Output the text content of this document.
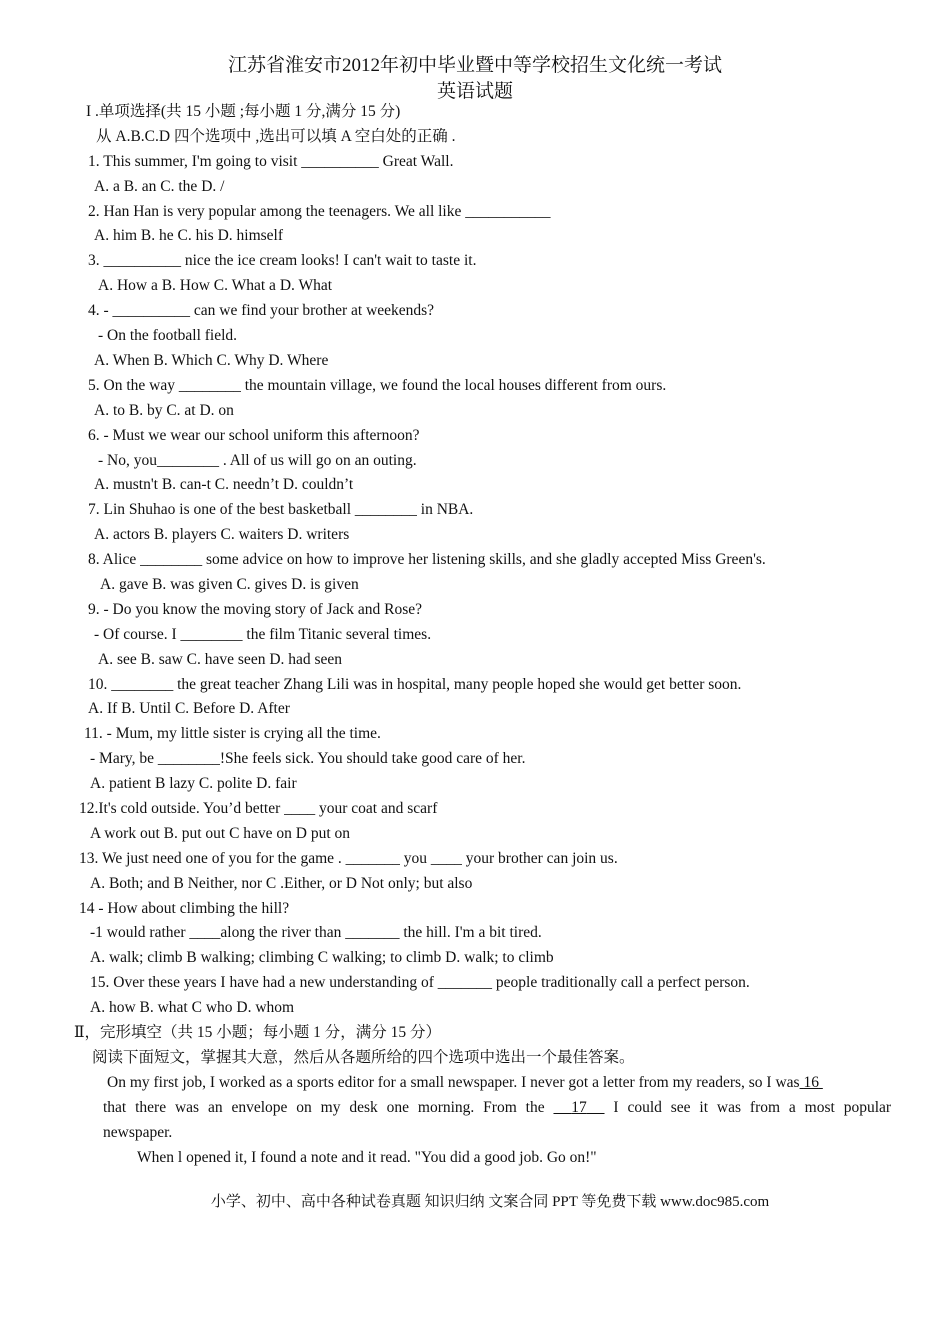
江苏省淮安市2012年初中毕业暨中等学校招生文化统一考试
英语试题
I .单项选择(共 15 小题 ;每小题 1 分,满分 15 分)
从 A.B.C.D 四个选项中 ,选出可以填 A 空白处的正确 .
1. This summer, I'm going to visit __________ Great Wall.
A. a B. an C. the D. /
2. Han Han is very popular among the teenagers. We all like ___________
A. him B. he C. his D. himself
3. __________ nice the ice cream looks! I can't wait to taste it.
A. How a B. How C. What a D. What
4. - __________ can we find your brother at weekends?
- On the football field.
A. When B. Which C. Why D. Where
5. On the way ________ the mountain village, we found the local houses different from ours.
A. to B. by C. at D. on
6. - Must we wear our school uniform this afternoon?
- No, you________ . All of us will go on an outing.
A. mustn't B. can-t C. needn’t D. couldn’t
7. Lin Shuhao is one of the best basketball ________ in NBA.
A. actors B. players C. waiters D. writers
8. Alice ________ some advice on how to improve her listening skills, and she gladly accepted Miss Green's.
A. gave B. was given C. gives D. is given
9. - Do you know the moving story of Jack and Rose?
- Of course. I ________ the film Titanic several times.
A. see B. saw C. have seen D. had seen
10. ________ the great teacher Zhang Lili was in hospital, many people hoped she would get better soon.
A. If B. Until C. Before D. After
11. - Mum, my little sister is crying all the time.
- Mary, be ________!She feels sick. You should take good care of her.
A. patient B lazy C. polite D. fair
12.It's cold outside. You’d better ____ your coat and scarf
A work out B. put out C have on D put on
13. We just need one of you for the game . _______ you ____ your brother can join us.
A. Both; and B Neither, nor C .Either, or D Not only; but also
14 - How about climbing the hill?
-1 would rather ____along the river than _______ the hill. I'm a bit tired.
A. walk; climb B walking; climbing C walking; to climb D. walk; to climb
15. Over these years I have had a new understanding of _______ people traditionally call a perfect person.
A. how B. what C who D. whom
Ⅱ，完形填空（共 15 小题；每小题 1 分，满分 15 分）
阅读下面短文，掌握其大意，然后从各题所给的四个选项中选出一个最佳答案。
On my first job, I worked as a sports editor for a small newspaper. I never got a letter from my readers, so I was 16
that there was an envelope on my desk one morning. From the 17 I could see it was from a most popular
newspaper.
When l opened it, I found a note and it read. "You did a good job. Go on!"
小学、初中、高中各种试卷真题 知识归纳 文案合同 PPT 等免费下载 www.doc985.com
